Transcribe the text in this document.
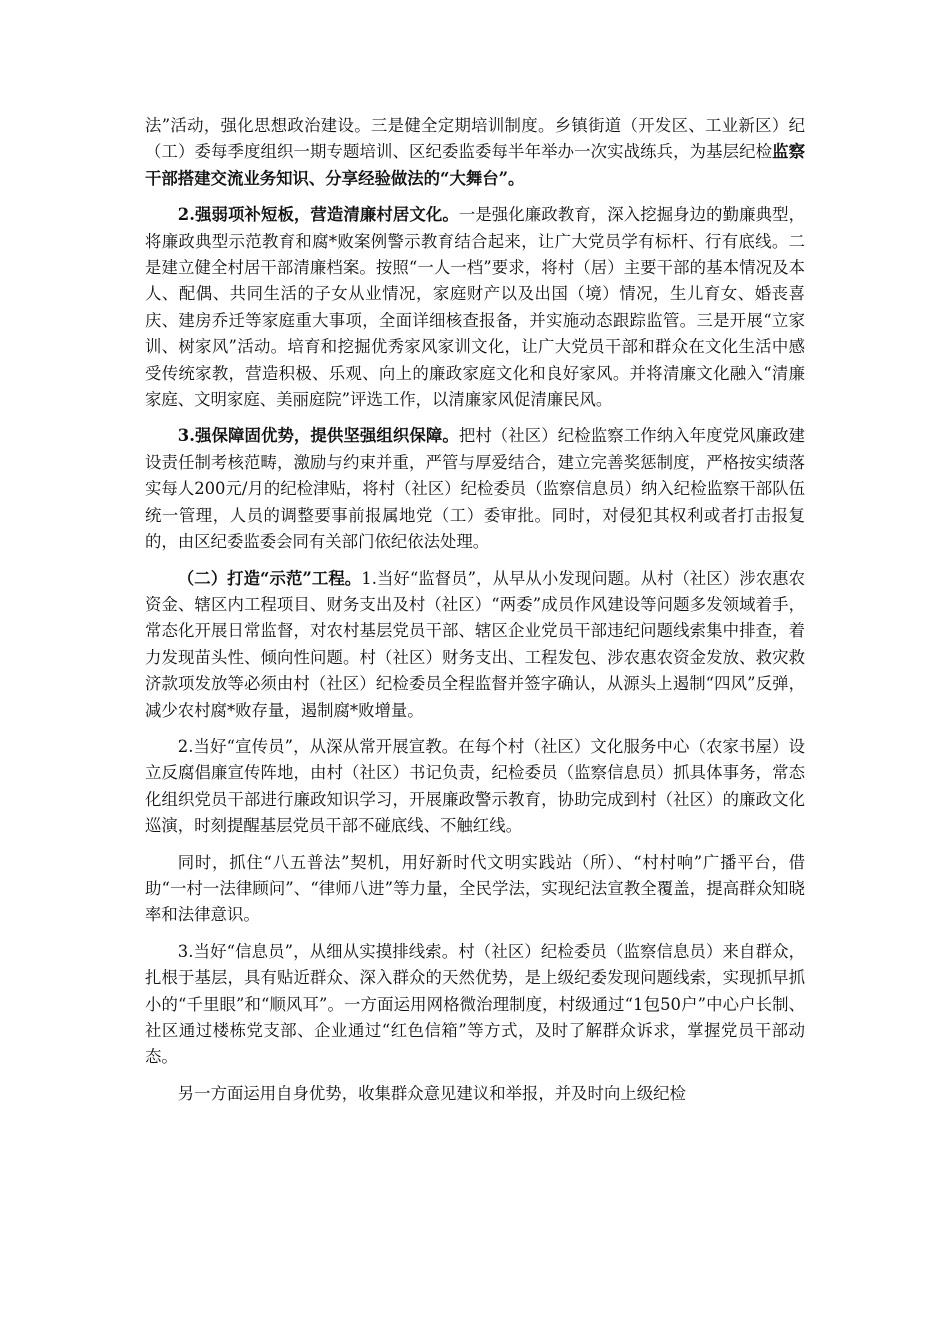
法”活动，强化思想政治建设。三是健全定期培训制度。乡镇街道（开发区、工业新区）纪（工）委每季度组织一期专题培训、区纪委监委每半年举办一次实战练兵，为基层纪检监察干部搭建交流业务知识、分享经验做法的“大舞台”。

2.强弱项补短板，营造清廉村居文化。一是强化廉政教育，深入挖掘身边的勤廉典型，将廉政典型示范教育和腐*败案例警示教育结合起来，让广大党员学有标杆、行有底线。二是建立健全村居干部清廉档案。按照“一人一档”要求，将村（居）主要干部的基本情况及本人、配偶、共同生活的子女从业情况，家庭财产以及出国（境）情况，生儿育女、婚丧喜庆、建房乔迁等家庭重大事项，全面详细核查报备，并实施动态跟踪监管。三是开展“立家训、树家风”活动。培育和挖掘优秀家风家训文化，让广大党员干部和群众在文化生活中感受传统家教，营造积极、乐观、向上的廉政家庭文化和良好家风。并将清廉文化融入“清廉家庭、文明家庭、美丽庭院”评选工作，以清廉家风促清廉民风。

3.强保障固优势，提供坚强组织保障。把村（社区）纪检监察工作纳入年度党风廉政建设责任制考核范畴，激励与约束并重，严管与厚爱结合，建立完善奖惩制度，严格按实绩落实每人200元/月的纪检津贴，将村（社区）纪检委员（监察信息员）纳入纪检监察干部队伍统一管理，人员的调整要事前报属地党（工）委审批。同时，对侵犯其权利或者打击报复的，由区纪委监委会同有关部门依纪依法处理。

（二）打造“示范”工程。1.当好“监督员”，从早从小发现问题。从村（社区）涉农惠农资金、辖区内工程项目、财务支出及村（社区）“两委”成员作风建设等问题多发领域着手，常态化开展日常监督，对农村基层党员干部、辖区企业党员干部违纪问题线索集中排查，着力发现苗头性、倾向性问题。村（社区）财务支出、工程发包、涉农惠农资金发放、救灾救济款项发放等必须由村（社区）纪检委员全程监督并签字确认，从源头上遏制“四风”反弹，减少农村腐*败存量，遏制腐*败增量。

2.当好“宣传员”，从深从常开展宣教。在每个村（社区）文化服务中心（农家书屋）设立反腐倡廉宣传阵地，由村（社区）书记负责，纪检委员（监察信息员）抓具体事务，常态化组织党员干部进行廉政知识学习，开展廉政警示教育，协助完成到村（社区）的廉政文化巡演，时刻提醒基层党员干部不碰底线、不触红线。

同时，抓住“八五普法”契机，用好新时代文明实践站（所）、“村村响”广播平台，借助“一村一法律顾问”、“律师八进”等力量，全民学法，实现纪法宣教全覆盖，提高群众知晓率和法律意识。

3.当好“信息员”，从细从实摸排线索。村（社区）纪检委员（监察信息员）来自群众，扎根于基层，具有贴近群众、深入群众的天然优势，是上级纪委发现问题线索，实现抓早抓小的“千里眼”和“顺风耳”。一方面运用网格微治理制度，村级通过“1包50户”中心户长制、社区通过楼栋党支部、企业通过“红色信箱”等方式，及时了解群众诉求，掌握党员干部动态。

另一方面运用自身优势，收集群众意见建议和举报，并及时向上级纪检
